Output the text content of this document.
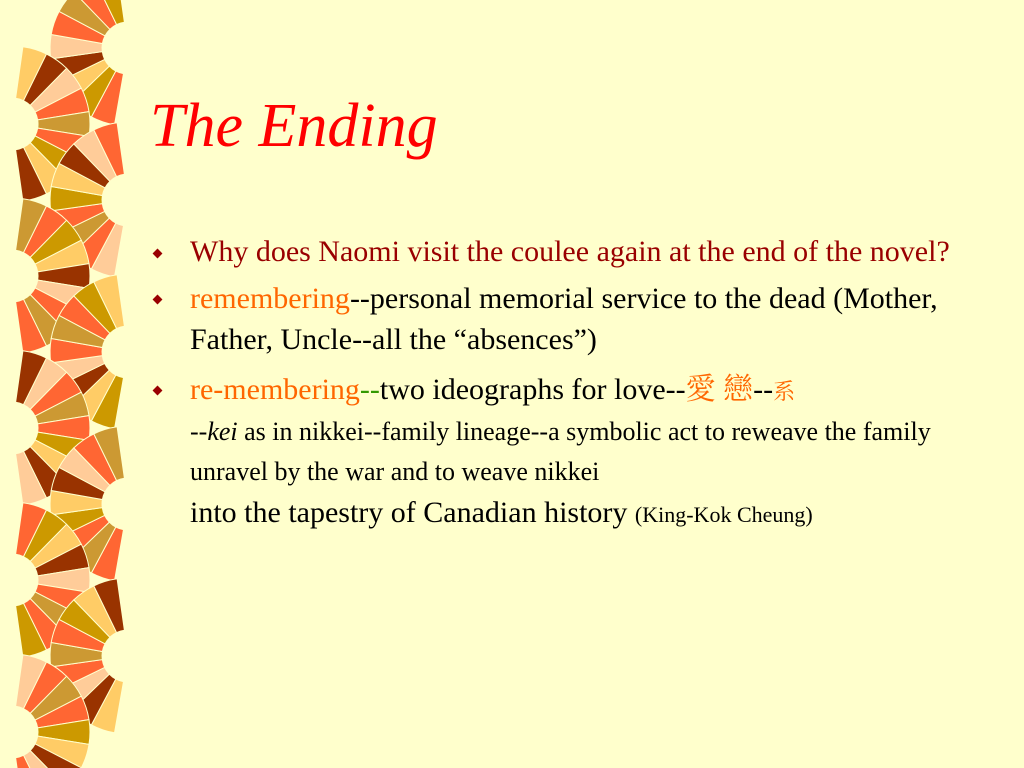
The Ending
Why does Naomi visit the coulee again at the end of the novel?
remembering--personal memorial service to the dead (Mother, Father, Uncle--all the “absences”)
re-membering--two ideographs for love--愛 戀--系
--kei as in nikkei--family lineage--a symbolic act to reweave the family unravel by the war and to weave nikkei
into the tapestry of Canadian history (King-Kok Cheung)
